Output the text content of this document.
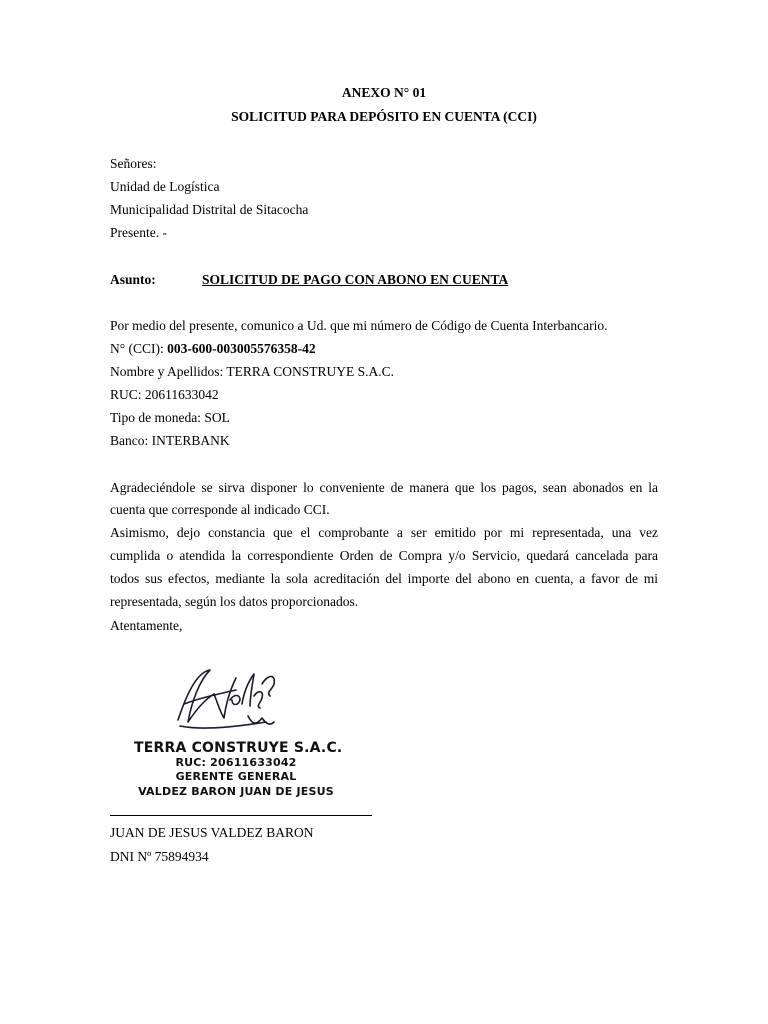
ANEXO N° 01
SOLICITUD PARA DEPÓSITO EN CUENTA (CCI)
Señores:
Unidad de Logística
Municipalidad Distrital de Sitacocha
Presente. -
Asunto:	SOLICITUD DE PAGO CON ABONO EN CUENTA
Por medio del presente, comunico a Ud. que mi número de Código de Cuenta Interbancario.
N° (CCI): 003-600-003005576358-42
Nombre y Apellidos: TERRA CONSTRUYE S.A.C.
RUC: 20611633042
Tipo de moneda: SOL
Banco: INTERBANK
Agradeciéndole se sirva disponer lo conveniente de manera que los pagos, sean abonados en la
cuenta que corresponde al indicado CCI.
Asimismo, dejo constancia que el comprobante a ser emitido por mi representada, una vez
cumplida o atendida la correspondiente Orden de Compra y/o Servicio, quedará cancelada para
todos sus efectos, mediante la sola acreditación del importe del abono en cuenta, a favor de mi
representada, según los datos proporcionados.
Atentamente,
TERRA CONSTRUYE S.A.C.
RUC: 20611633042
GERENTE GENERAL
VALDEZ BARON JUAN DE JESUS
JUAN DE JESUS VALDEZ BARON
DNI Nº 75894934
